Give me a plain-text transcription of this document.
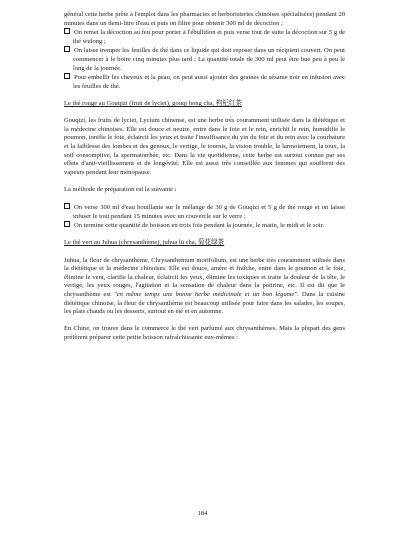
général cette herbe prête à l'emploi dans les pharmacies et herboristeries chinoises spécialisées) pendant 20 minutes dans un demi-litre d'eau et puis on filtre pour obtenir 300 ml de décoction ;

On remet la décoction au feu pour porter à l'ébullition et puis verse tout de suite la décoction sur 5 g de thé wulong ;

On laisse tremper les feuilles de thé dans ce liquide qui doit reposer dans un récipient couvert. On peut commencer à le boire cinq minutes plus tard ; La quantité totale de 300 ml peut être bue peu à peu le long de la journée.

Pour embellir les cheveux et la peau, on peut aussi ajouter des graines de sésame noir en infusion avec les feuilles de thé.

Le thé rouge au Gouqizi (fruit de lyciet), gouqi hong cha, 枸杞红茶

Gouqizi, les fruits de lyciet, Lycium chinense, est une herbe très couramment utilisée dans la diététique et la médecine chinoises. Elle est douce et neutre, entre dans le foie et le rein, enrichit le rein, humidifie le poumon, tonifie le foie, éclaircit les yeux et traite l'insuffisance du yin du foie et du rein avec la courbature et la faiblesse des lombes et des genoux, le vertige, le tournis, la vision trouble, le larmoiement, la toux, la soif consomptive, la spermatorrhée, etc. Dans la vie quotidienne, cette herbe est surtout connue par ses effets d'anti-vieillissement et de longévité. Elle est aussi très conseillée aux femmes qui souffrent des vapeurs pendant leur ménopause.

La méthode de préparation est la suivante :

On verse 300 ml d'eau bouillante sur le mélange de 30 g de Gouqizi et 5 g de thé rouge et on laisse infuser le tout pendant 15 minutes avec un couvercle sur le verre ;

On termine cette quantité de boisson en trois fois pendant la journée, le matin, le midi et le soir.

Le thé vert au Juhua (chrysanthème), juhua lü cha, 菊花绿茶

Juhua, la fleur de chrysanthème, Chrysanthemum morifolium, est une herbe très couramment utilisée dans la diététique et la médecine chinoises. Elle est douce, amère et fraîche, entre dans le poumon et le foie, élimine le vent, clarifie la chaleur, éclaircit les yeux, élimine les toxiques et traite la douleur de la tête, le vertige, les yeux rouges, l'agitation et la sensation de chaleur dans la poitrine, etc. Il est dit que le chrysanthème est "en même temps une bonne herbe médicinale et un bon légume". Dans la cuisine diététique chinoise, la fleur de chrysanthème est beaucoup utilisée pour faire dans les salades, les soupes, les plats chauds ou les desserts, surtout en été et en automne.

En Chine, on trouve dans le commerce le thé vert parfumé aux chrysanthèmes. Mais la plupart des gens préfèrent préparer cette petite boisson rafraîchissante eux-mêmes :

184
